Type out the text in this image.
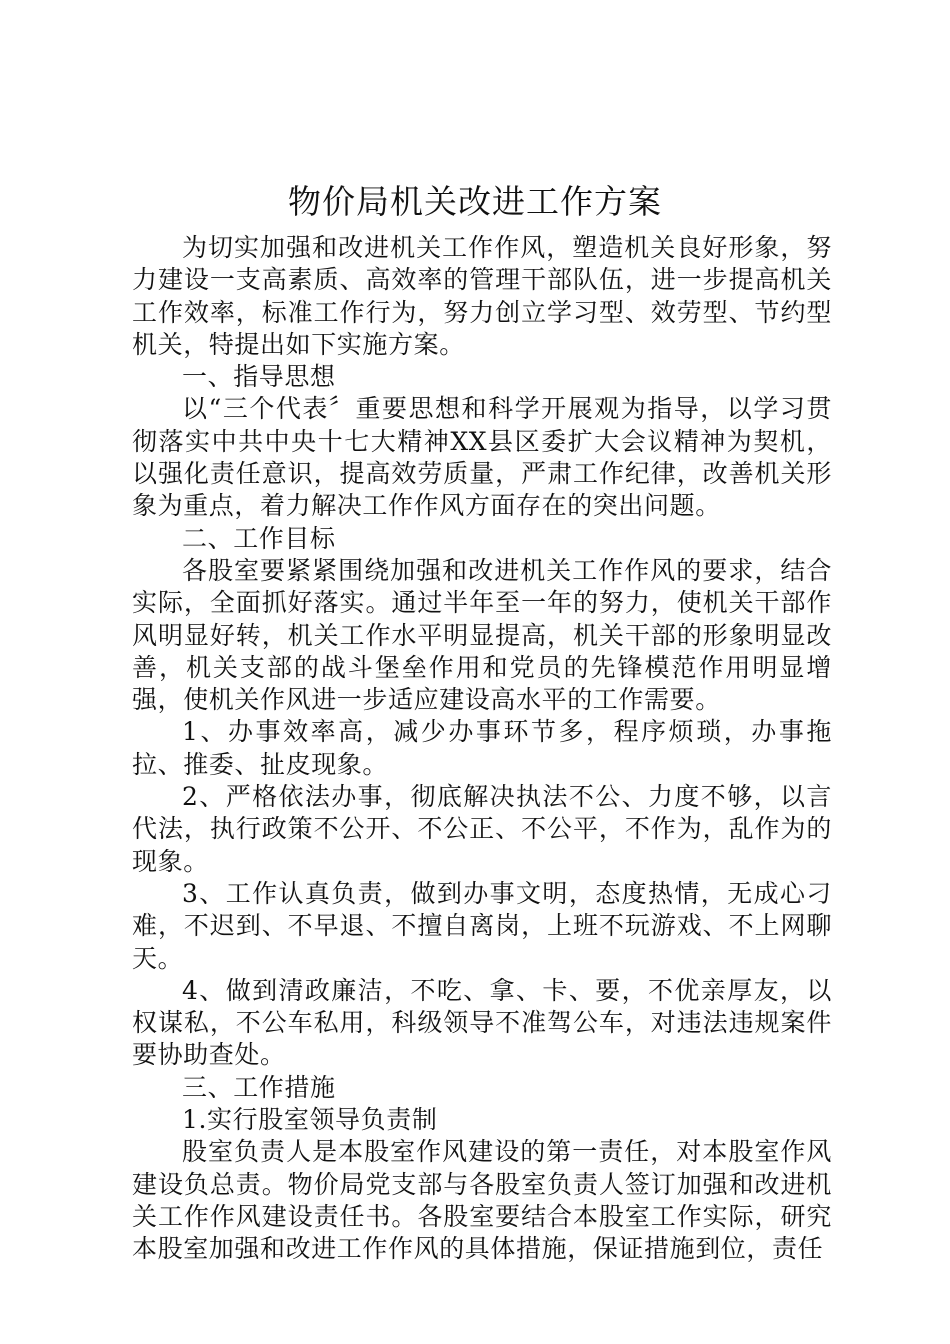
物价局机关改进工作方案

为切实加强和改进机关工作作风，塑造机关良好形象，努力建设一支高素质、高效率的管理干部队伍，进一步提高机关工作效率，标准工作行为，努力创立学习型、效劳型、节约型机关，特提出如下实施方案。

一、指导思想

以“三个代表〞重要思想和科学开展观为指导，以学习贯彻落实中共中央十七大精神XX县区委扩大会议精神为契机，以强化责任意识，提高效劳质量，严肃工作纪律，改善机关形象为重点，着力解决工作作风方面存在的突出问题。

二、工作目标

各股室要紧紧围绕加强和改进机关工作作风的要求，结合实际，全面抓好落实。通过半年至一年的努力，使机关干部作风明显好转，机关工作水平明显提高，机关干部的形象明显改善，机关支部的战斗堡垒作用和党员的先锋模范作用明显增强，使机关作风进一步适应建设高水平的工作需要。

1、办事效率高，减少办事环节多，程序烦琐，办事拖拉、推委、扯皮现象。

2、严格依法办事，彻底解决执法不公、力度不够，以言代法，执行政策不公开、不公正、不公平，不作为，乱作为的现象。

3、工作认真负责，做到办事文明，态度热情，无成心刁难，不迟到、不早退、不擅自离岗，上班不玩游戏、不上网聊天。

4、做到清政廉洁，不吃、拿、卡、要，不优亲厚友，以权谋私，不公车私用，科级领导不准驾公车，对违法违规案件要协助查处。

三、工作措施

1.实行股室领导负责制

股室负责人是本股室作风建设的第一责任，对本股室作风建设负总责。物价局党支部与各股室负责人签订加强和改进机关工作作风建设责任书。各股室要结合本股室工作实际，研究本股室加强和改进工作作风的具体措施，保证措施到位，责任
